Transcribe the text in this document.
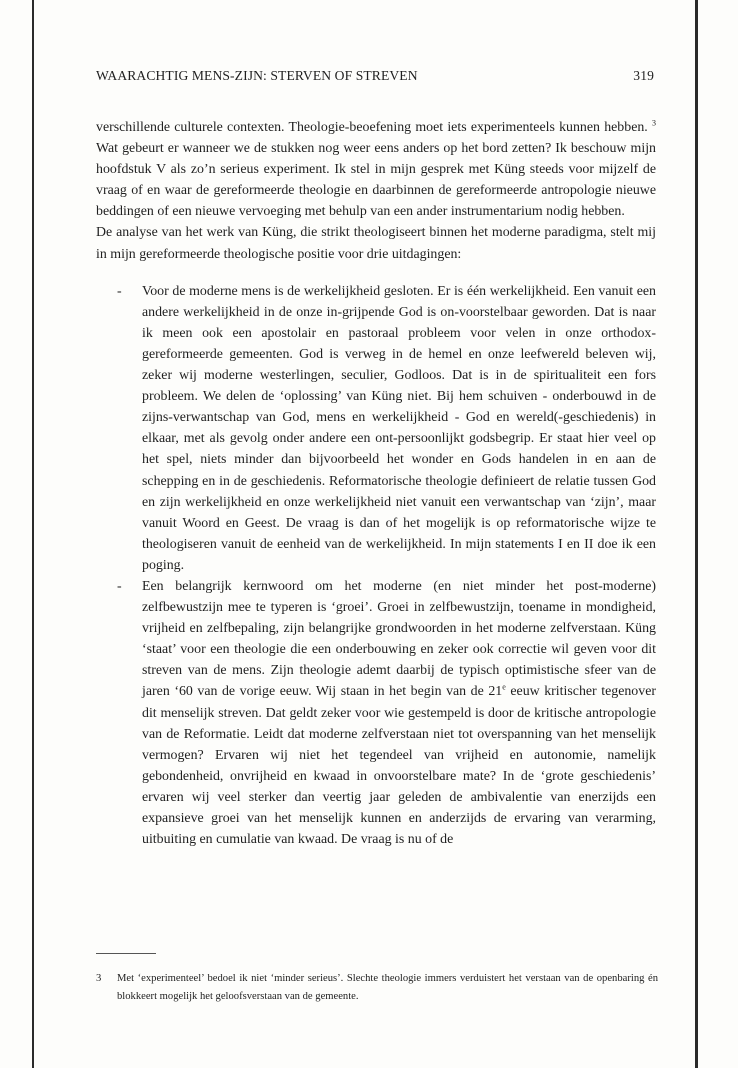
WAARACHTIG MENS-ZIJN: STERVEN OF STREVEN	319

verschillende culturele contexten. Theologie-beoefening moet iets experimenteels kunnen hebben. $^3$ Wat gebeurt er wanneer we de stukken nog weer eens anders op het bord zetten? Ik beschouw mijn hoofdstuk V als zo’n serieus experiment. Ik stel in mijn gesprek met Küng steeds voor mijzelf de vraag of en waar de gereformeerde theologie en daarbinnen de gereformeerde antropologie nieuwe beddingen of een nieuwe vervoeging met behulp van een ander instrumentarium nodig hebben.

De analyse van het werk van Küng, die strikt theologiseert binnen het moderne paradigma, stelt mij in mijn gereformeerde theologische positie voor drie uitdagingen:

- Voor de moderne mens is de werkelijkheid gesloten. Er is één werkelijkheid. Een vanuit een andere werkelijkheid in de onze in-grijpende God is on-voorstelbaar geworden. Dat is naar ik meen ook een apostolair en pastoraal probleem voor velen in onze orthodox-gereformeerde gemeenten. God is verweg in de hemel en onze leefwereld beleven wij, zeker wij moderne westerlingen, seculier, Godloos. Dat is in de spiritualiteit een fors probleem. We delen de ‘oplossing’ van Küng niet. Bij hem schuiven - onderbouwd in de zijns-verwantschap van God, mens en werkelijkheid - God en wereld(-geschiedenis) in elkaar, met als gevolg onder andere een ont-persoonlijkt godsbegrip. Er staat hier veel op het spel, niets minder dan bijvoorbeeld het wonder en Gods handelen in en aan de schepping en in de geschiedenis. Reformatorische theologie definieert de relatie tussen God en zijn werkelijkheid en onze werkelijkheid niet vanuit een verwantschap van ‘zijn’, maar vanuit Woord en Geest. De vraag is dan of het mogelijk is op reformatorische wijze te theologiseren vanuit de eenheid van de werkelijkheid. In mijn statements I en II doe ik een poging.
- Een belangrijk kernwoord om het moderne (en niet minder het post-moderne) zelfbewustzijn mee te typeren is ‘groei’. Groei in zelfbewustzijn, toename in mondigheid, vrijheid en zelfbepaling, zijn belangrijke grondwoorden in het moderne zelfverstaan. Küng ‘staat’ voor een theologie die een onderbouwing en zeker ook correctie wil geven voor dit streven van de mens. Zijn theologie ademt daarbij de typisch optimistische sfeer van de jaren ‘60 van de vorige eeuw. Wij staan in het begin van de 21e eeuw kritischer tegenover dit menselijk streven. Dat geldt zeker voor wie gestempeld is door de kritische antropologie van de Reformatie. Leidt dat moderne zelfverstaan niet tot overspanning van het menselijk vermogen? Ervaren wij niet het tegendeel van vrijheid en autonomie, namelijk gebondenheid, onvrijheid en kwaad in onvoorstelbare mate? In de ‘grote geschiedenis’ ervaren wij veel sterker dan veertig jaar geleden de ambivalentie van enerzijds een expansieve groei van het menselijk kunnen en anderzijds de ervaring van verarming, uitbuiting en cumulatie van kwaad. De vraag is nu of de
3	Met ‘experimenteel’ bedoel ik niet ‘minder serieus’. Slechte theologie immers verduistert het verstaan van de openbaring én blokkeert mogelijk het geloofsverstaan van de gemeente.
